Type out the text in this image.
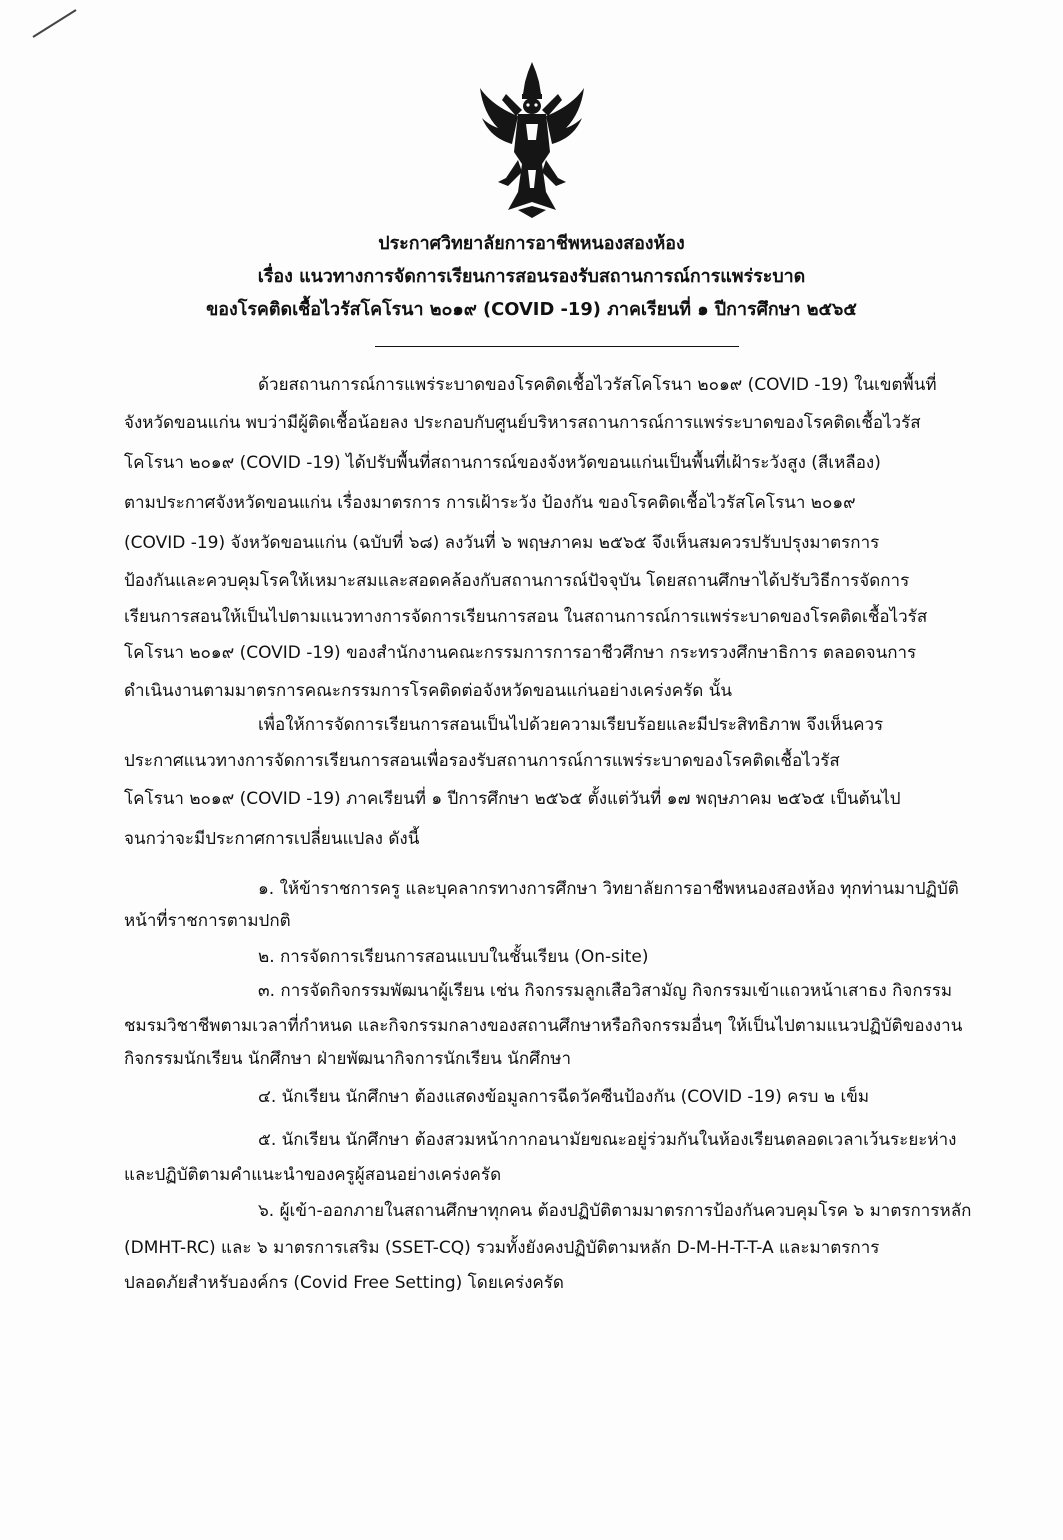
ประกาศวิทยาลัยการอาชีพหนองสองห้อง
เรื่อง แนวทางการจัดการเรียนการสอนรองรับสถานการณ์การแพร่ระบาด
ของโรคติดเชื้อไวรัสโคโรนา ๒๐๑๙ (COVID -19) ภาคเรียนที่ ๑ ปีการศึกษา ๒๕๖๕
ด้วยสถานการณ์การแพร่ระบาดของโรคติดเชื้อไวรัสโคโรนา ๒๐๑๙ (COVID -19) ในเขตพื้นที่
จังหวัดขอนแก่น พบว่ามีผู้ติดเชื้อน้อยลง ประกอบกับศูนย์บริหารสถานการณ์การแพร่ระบาดของโรคติดเชื้อไวรัส
โคโรนา ๒๐๑๙ (COVID -19) ได้ปรับพื้นที่สถานการณ์ของจังหวัดขอนแก่นเป็นพื้นที่เฝ้าระวังสูง (สีเหลือง)
ตามประกาศจังหวัดขอนแก่น เรื่องมาตรการ การเฝ้าระวัง ป้องกัน ของโรคติดเชื้อไวรัสโคโรนา ๒๐๑๙
(COVID -19) จังหวัดขอนแก่น (ฉบับที่ ๖๘) ลงวันที่ ๖ พฤษภาคม ๒๕๖๕ จึงเห็นสมควรปรับปรุงมาตรการ
ป้องกันและควบคุมโรคให้เหมาะสมและสอดคล้องกับสถานการณ์ปัจจุบัน โดยสถานศึกษาได้ปรับวิธีการจัดการ
เรียนการสอนให้เป็นไปตามแนวทางการจัดการเรียนการสอน ในสถานการณ์การแพร่ระบาดของโรคติดเชื้อไวรัส
โคโรนา ๒๐๑๙ (COVID -19) ของสำนักงานคณะกรรมการการอาชีวศึกษา กระทรวงศึกษาธิการ ตลอดจนการ
ดำเนินงานตามมาตรการคณะกรรมการโรคติดต่อจังหวัดขอนแก่นอย่างเคร่งครัด นั้น
เพื่อให้การจัดการเรียนการสอนเป็นไปด้วยความเรียบร้อยและมีประสิทธิภาพ จึงเห็นควร
ประกาศแนวทางการจัดการเรียนการสอนเพื่อรองรับสถานการณ์การแพร่ระบาดของโรคติดเชื้อไวรัส
โคโรนา ๒๐๑๙ (COVID -19) ภาคเรียนที่ ๑ ปีการศึกษา ๒๕๖๕ ตั้งแต่วันที่ ๑๗ พฤษภาคม ๒๕๖๕ เป็นต้นไป
จนกว่าจะมีประกาศการเปลี่ยนแปลง ดังนี้
๑. ให้ข้าราชการครู และบุคลากรทางการศึกษา วิทยาลัยการอาชีพหนองสองห้อง ทุกท่านมาปฏิบัติ
หน้าที่ราชการตามปกติ
๒. การจัดการเรียนการสอนแบบในชั้นเรียน (On-site)
๓. การจัดกิจกรรมพัฒนาผู้เรียน เช่น กิจกรรมลูกเสือวิสามัญ กิจกรรมเข้าแถวหน้าเสาธง กิจกรรม
ชมรมวิชาชีพตามเวลาที่กำหนด และกิจกรรมกลางของสถานศึกษาหรือกิจกรรมอื่นๆ ให้เป็นไปตามแนวปฏิบัติของงาน
กิจกรรมนักเรียน นักศึกษา ฝ่ายพัฒนากิจการนักเรียน นักศึกษา
๔. นักเรียน นักศึกษา ต้องแสดงข้อมูลการฉีดวัคซีนป้องกัน (COVID -19) ครบ ๒ เข็ม
๕. นักเรียน นักศึกษา ต้องสวมหน้ากากอนามัยขณะอยู่ร่วมกันในห้องเรียนตลอดเวลาเว้นระยะห่าง
และปฏิบัติตามคำแนะนำของครูผู้สอนอย่างเคร่งครัด
๖. ผู้เข้า-ออกภายในสถานศึกษาทุกคน ต้องปฏิบัติตามมาตรการป้องกันควบคุมโรค ๖ มาตรการหลัก
(DMHT-RC) และ ๖ มาตรการเสริม (SSET-CQ) รวมทั้งยังคงปฏิบัติตามหลัก D-M-H-T-T-A และมาตรการ
ปลอดภัยสำหรับองค์กร (Covid Free Setting) โดยเคร่งครัด
